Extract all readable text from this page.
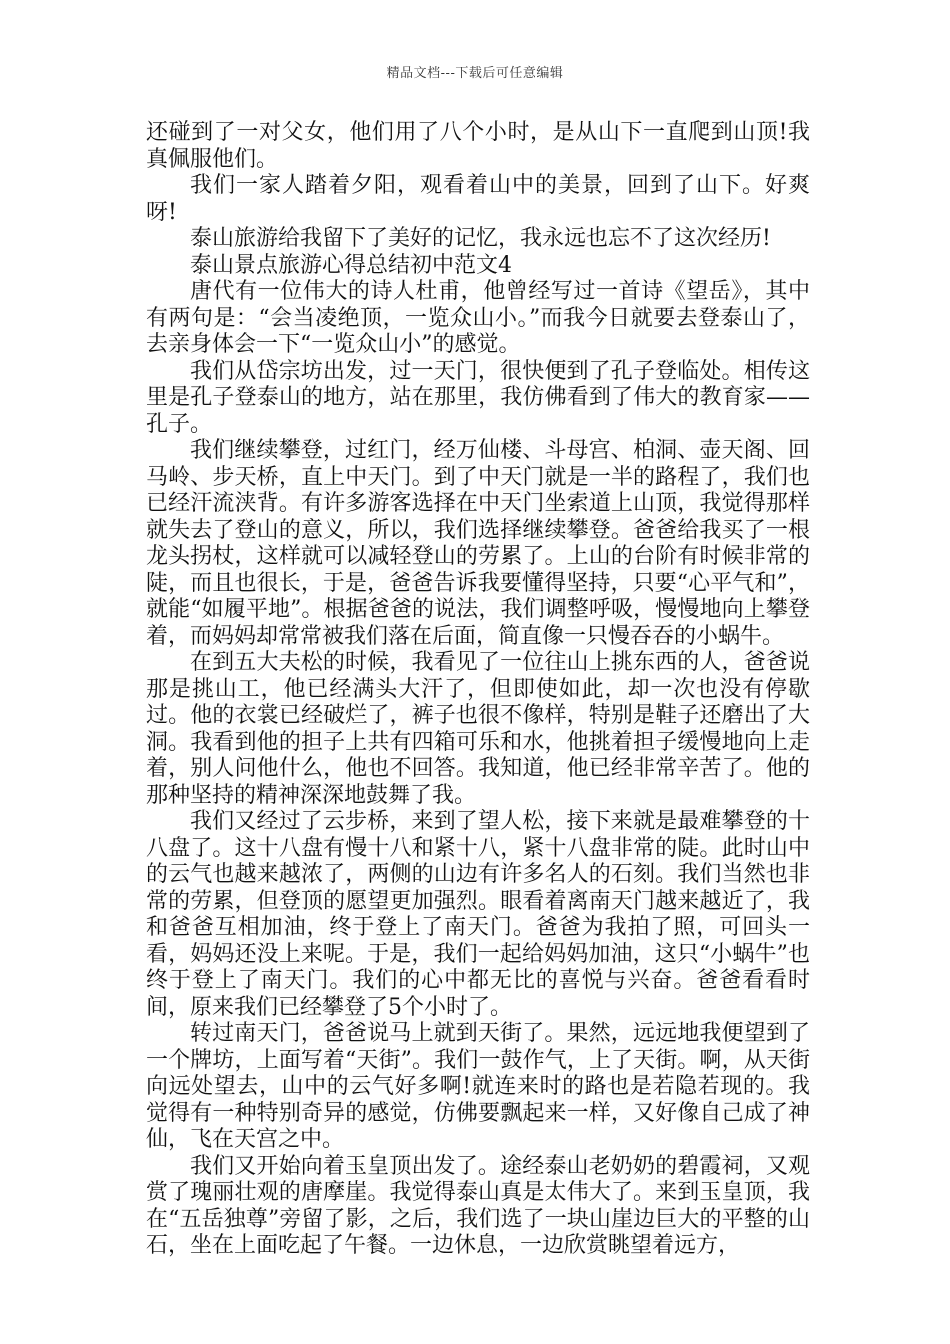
精品文档---下载后可任意编辑

还碰到了一对父女，他们用了八个小时，是从山下一直爬到山顶!我真佩服他们。

我们一家人踏着夕阳，观看着山中的美景，回到了山下。好爽呀!

泰山旅游给我留下了美好的记忆，我永远也忘不了这次经历!

泰山景点旅游心得总结初中范文4

唐代有一位伟大的诗人杜甫，他曾经写过一首诗《望岳》，其中有两句是：“会当凌绝顶，一览众山小。”而我今日就要去登泰山了，去亲身体会一下“一览众山小”的感觉。

我们从岱宗坊出发，过一天门，很快便到了孔子登临处。相传这里是孔子登泰山的地方，站在那里，我仿佛看到了伟大的教育家——孔子。

我们继续攀登，过红门，经万仙楼、斗母宫、柏洞、壶天阁、回马岭、步天桥，直上中天门。到了中天门就是一半的路程了，我们也已经汗流浃背。有许多游客选择在中天门坐索道上山顶，我觉得那样就失去了登山的意义，所以，我们选择继续攀登。爸爸给我买了一根龙头拐杖，这样就可以减轻登山的劳累了。上山的台阶有时候非常的陡，而且也很长，于是，爸爸告诉我要懂得坚持，只要“心平气和”，就能“如履平地”。根据爸爸的说法，我们调整呼吸，慢慢地向上攀登着，而妈妈却常常被我们落在后面，简直像一只慢吞吞的小蜗牛。

在到五大夫松的时候，我看见了一位往山上挑东西的人，爸爸说那是挑山工，他已经满头大汗了，但即使如此，却一次也没有停歇过。他的衣裳已经破烂了，裤子也很不像样，特别是鞋子还磨出了大洞。我看到他的担子上共有四箱可乐和水，他挑着担子缓慢地向上走着，别人问他什么，他也不回答。我知道，他已经非常辛苦了。他的那种坚持的精神深深地鼓舞了我。

我们又经过了云步桥，来到了望人松，接下来就是最难攀登的十八盘了。这十八盘有慢十八和紧十八，紧十八盘非常的陡。此时山中的云气也越来越浓了，两侧的山边有许多名人的石刻。我们当然也非常的劳累，但登顶的愿望更加强烈。眼看着离南天门越来越近了，我和爸爸互相加油，终于登上了南天门。爸爸为我拍了照，可回头一看，妈妈还没上来呢。于是，我们一起给妈妈加油，这只“小蜗牛”也终于登上了南天门。我们的心中都无比的喜悦与兴奋。爸爸看看时间，原来我们已经攀登了5个小时了。

转过南天门，爸爸说马上就到天街了。果然，远远地我便望到了一个牌坊，上面写着“天街”。我们一鼓作气，上了天街。啊，从天街向远处望去，山中的云气好多啊!就连来时的路也是若隐若现的。我觉得有一种特别奇异的感觉，仿佛要飘起来一样，又好像自己成了神仙，飞在天宫之中。

我们又开始向着玉皇顶出发了。途经泰山老奶奶的碧霞祠，又观赏了瑰丽壮观的唐摩崖。我觉得泰山真是太伟大了。来到玉皇顶，我在“五岳独尊”旁留了影，之后，我们选了一块山崖边巨大的平整的山石，坐在上面吃起了午餐。一边休息，一边欣赏眺望着远方，
